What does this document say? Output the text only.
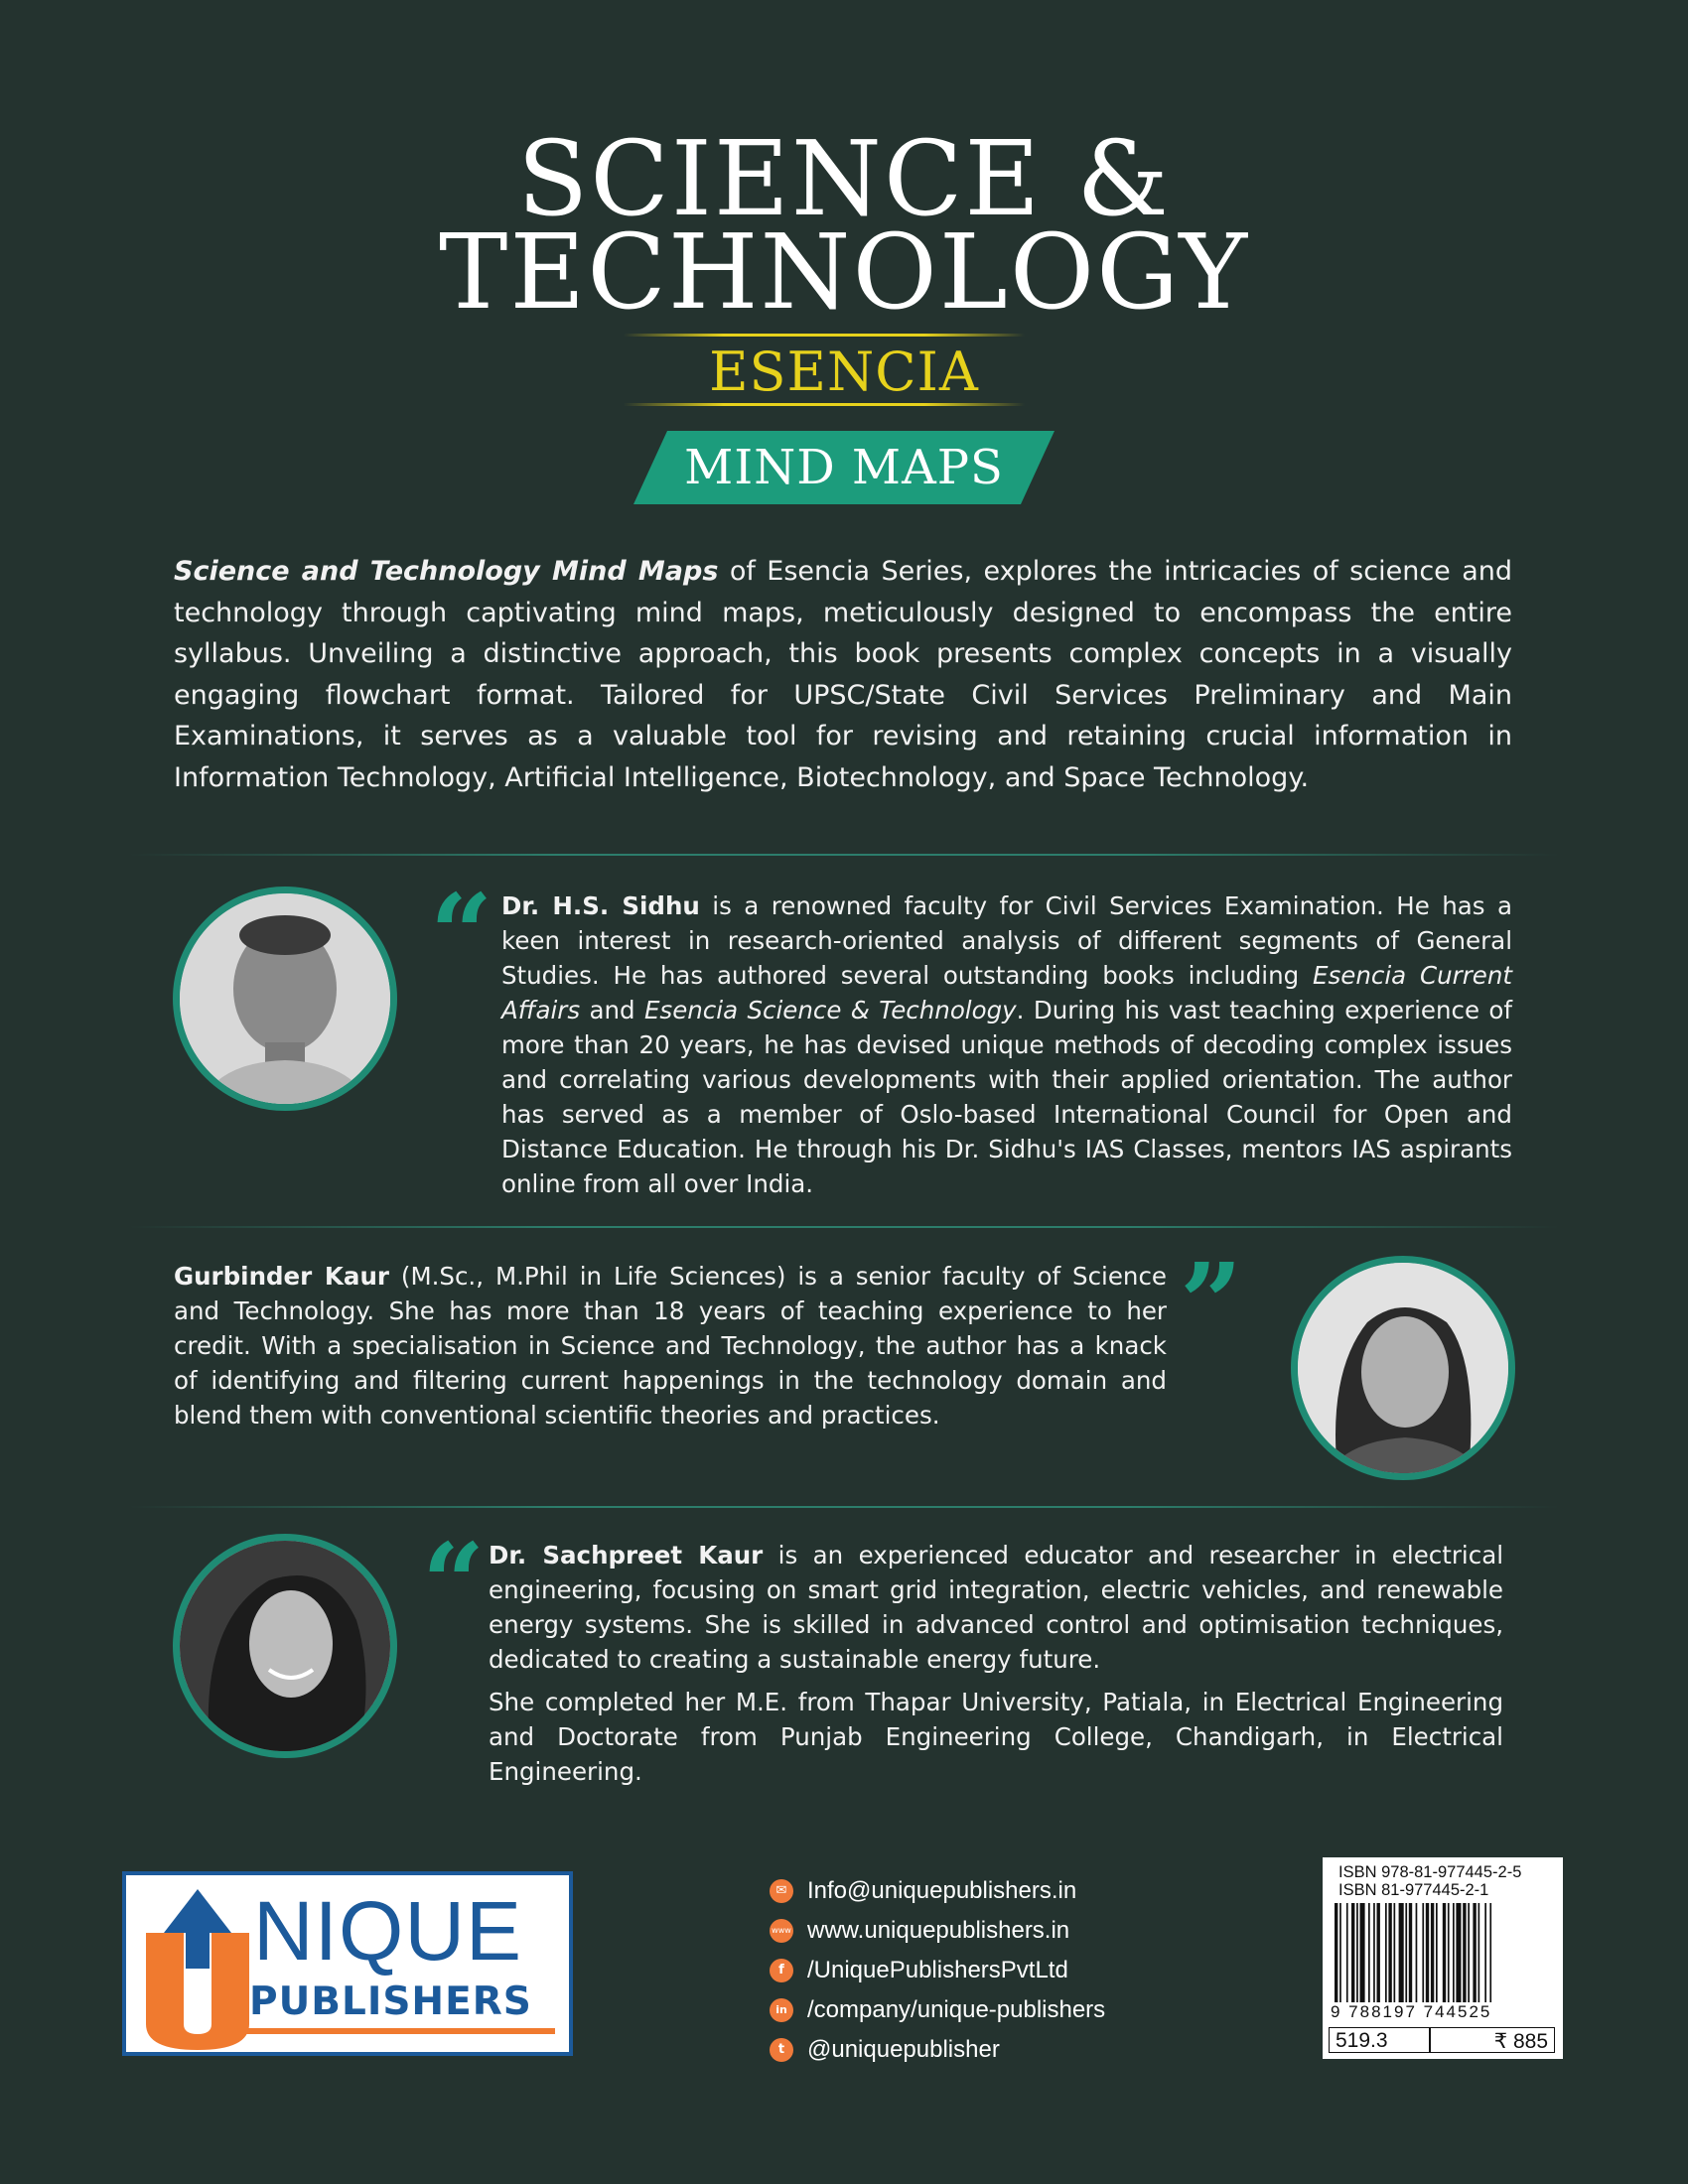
SCIENCE &
TECHNOLOGY
ESENCIA
MIND MAPS
Science and Technology Mind Maps of Esencia Series, explores the intricacies of science and technology through captivating mind maps, meticulously designed to encompass the entire syllabus. Unveiling a distinctive approach, this book presents complex concepts in a visually engaging flowchart format. Tailored for UPSC/State Civil Services Preliminary and Main Examinations, it serves as a valuable tool for revising and retaining crucial information in Information Technology, Artificial Intelligence, Biotechnology, and Space Technology.
“ Dr. H.S. Sidhu is a renowned faculty for Civil Services Examination. He has a keen interest in research-oriented analysis of different segments of General Studies. He has authored several outstanding books including Esencia Current Affairs and Esencia Science & Technology. During his vast teaching experience of more than 20 years, he has devised unique methods of decoding complex issues and correlating various developments with their applied orientation. The author has served as a member of Oslo-based International Council for Open and Distance Education. He through his Dr. Sidhu's IAS Classes, mentors IAS aspirants online from all over India.

Gurbinder Kaur (M.Sc., M.Phil in Life Sciences) is a senior faculty of Science and Technology. She has more than 18 years of teaching experience to her credit. With a specialisation in Science and Technology, the author has a knack of identifying and filtering current happenings in the technology domain and blend them with conventional scientific theories and practices.

”
“ Dr. Sachpreet Kaur is an experienced educator and researcher in electrical engineering, focusing on smart grid integration, electric vehicles, and renewable energy systems. She is skilled in advanced control and optimisation techniques, dedicated to creating a sustainable energy future.

She completed her M.E. from Thapar University, Patiala, in Electrical Engineering and Doctorate from Punjab Engineering College, Chandigarh, in Electrical Engineering.

NIQUE
PUBLISHERS
✉ Info@uniquepublishers.in
www www.uniquepublishers.in
f /UniquePublishersPvtLtd
in /company/unique-publishers
t @uniquepublisher
ISBN 978-81-977445-2-5
ISBN 81-977445-2-1
9 788197 744525
519.3	₹ 885
